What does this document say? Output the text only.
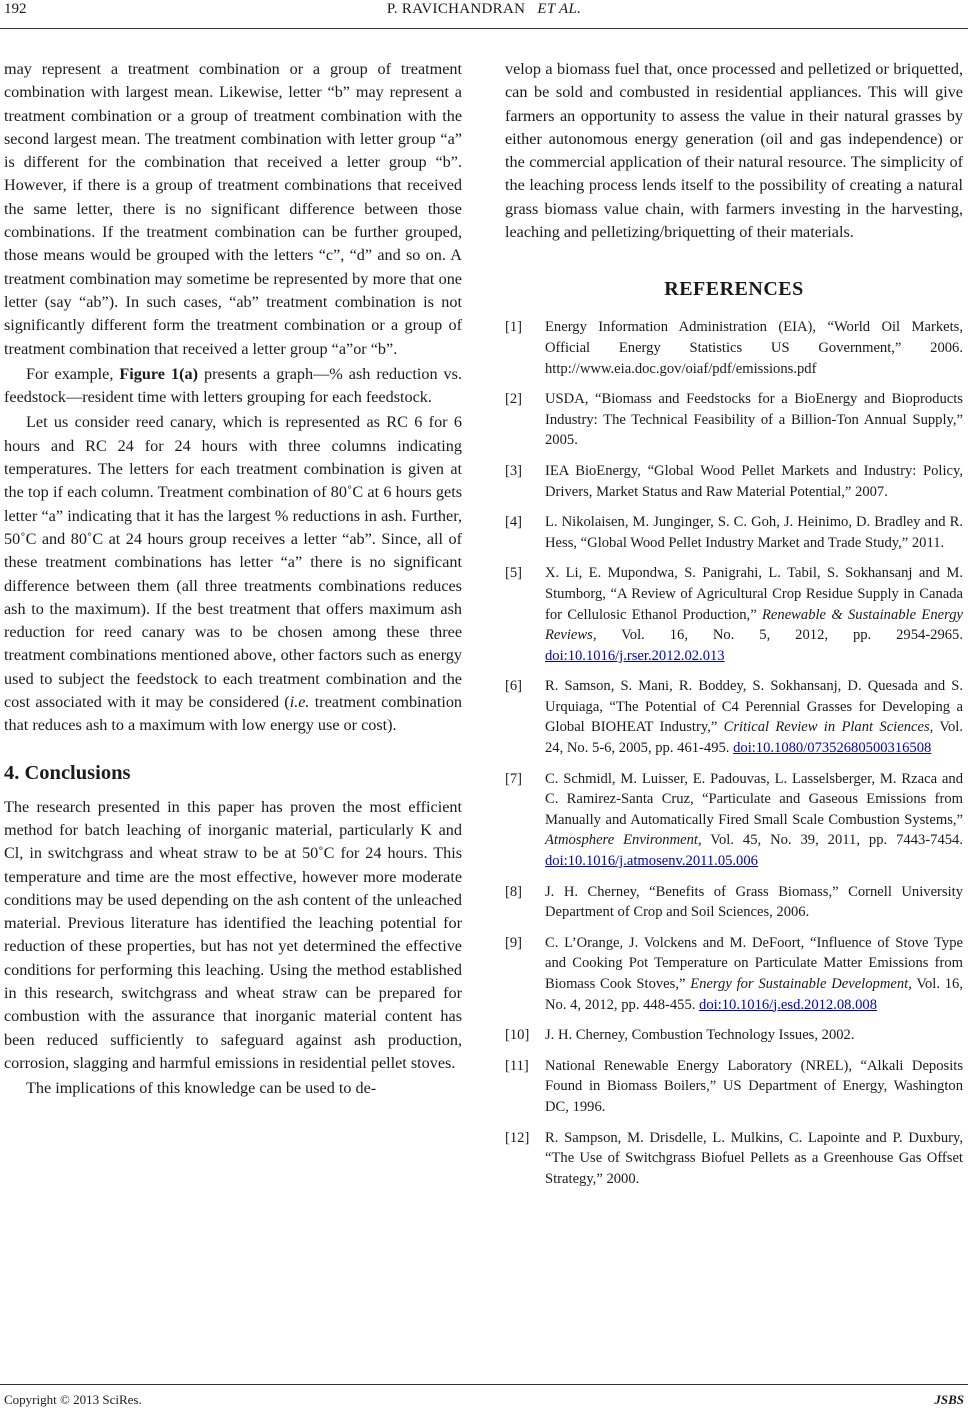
192	P. RAVICHANDRAN ET AL.

may represent a treatment combination or a group of treatment combination with largest mean. Likewise, letter “b” may represent a treatment combination or a group of treatment combination with the second largest mean. The treatment combination with letter group “a” is different for the combination that received a letter group “b”. However, if there is a group of treatment combinations that received the same letter, there is no significant difference between those combinations. If the treatment combination can be further grouped, those means would be grouped with the letters “c”, “d” and so on. A treatment combination may sometime be represented by more that one letter (say “ab”). In such cases, “ab” treatment combination is not significantly different form the treatment combination or a group of treatment combination that received a letter group “a”or “b”.

For example, Figure 1(a) presents a graph—% ash reduction vs. feedstock—resident time with letters grouping for each feedstock.

Let us consider reed canary, which is represented as RC 6 for 6 hours and RC 24 for 24 hours with three columns indicating temperatures. The letters for each treatment combination is given at the top if each column. Treatment combination of 80˚C at 6 hours gets letter “a” indicating that it has the largest % reductions in ash. Further, 50˚C and 80˚C at 24 hours group receives a letter “ab”. Since, all of these treatment combinations has letter “a” there is no significant difference between them (all three treatments combinations reduces ash to the maximum). If the best treatment that offers maximum ash reduction for reed canary was to be chosen among these three treatment combinations mentioned above, other factors such as energy used to subject the feedstock to each treatment combination and the cost associated with it may be considered (i.e. treatment combination that reduces ash to a maximum with low energy use or cost).

4. Conclusions

The research presented in this paper has proven the most efficient method for batch leaching of inorganic material, particularly K and Cl, in switchgrass and wheat straw to be at 50˚C for 24 hours. This temperature and time are the most effective, however more moderate conditions may be used depending on the ash content of the unleached material. Previous literature has identified the leaching potential for reduction of these properties, but has not yet determined the effective conditions for performing this leaching. Using the method established in this research, switchgrass and wheat straw can be prepared for combustion with the assurance that inorganic material content has been reduced sufficiently to safeguard against ash production, corrosion, slagging and harmful emissions in residential pellet stoves.

The implications of this knowledge can be used to de-

velop a biomass fuel that, once processed and pelletized or briquetted, can be sold and combusted in residential appliances. This will give farmers an opportunity to assess the value in their natural grasses by either autonomous energy generation (oil and gas independence) or the commercial application of their natural resource. The simplicity of the leaching process lends itself to the possibility of creating a natural grass biomass value chain, with farmers investing in the harvesting, leaching and pelletizing/briquetting of their materials.

REFERENCES
[1]	Energy Information Administration (EIA), “World Oil Markets, Official Energy Statistics US Government,” 2006. http://www.eia.doc.gov/oiaf/pdf/emissions.pdf
[2]	USDA, “Biomass and Feedstocks for a BioEnergy and Bioproducts Industry: The Technical Feasibility of a Billion-Ton Annual Supply,” 2005.
[3]	IEA BioEnergy, “Global Wood Pellet Markets and Industry: Policy, Drivers, Market Status and Raw Material Potential,” 2007.
[4]	L. Nikolaisen, M. Junginger, S. C. Goh, J. Heinimo, D. Bradley and R. Hess, “Global Wood Pellet Industry Market and Trade Study,” 2011.
[5]	X. Li, E. Mupondwa, S. Panigrahi, L. Tabil, S. Sokhansanj and M. Stumborg, “A Review of Agricultural Crop Residue Supply in Canada for Cellulosic Ethanol Production,” Renewable & Sustainable Energy Reviews, Vol. 16, No. 5, 2012, pp. 2954-2965. doi:10.1016/j.rser.2012.02.013
[6]	R. Samson, S. Mani, R. Boddey, S. Sokhansanj, D. Quesada and S. Urquiaga, “The Potential of C4 Perennial Grasses for Developing a Global BIOHEAT Industry,” Critical Review in Plant Sciences, Vol. 24, No. 5-6, 2005, pp. 461-495. doi:10.1080/07352680500316508
[7]	C. Schmidl, M. Luisser, E. Padouvas, L. Lasselsberger, M. Rzaca and C. Ramirez-Santa Cruz, “Particulate and Gaseous Emissions from Manually and Automatically Fired Small Scale Combustion Systems,” Atmosphere Environment, Vol. 45, No. 39, 2011, pp. 7443-7454. doi:10.1016/j.atmosenv.2011.05.006
[8]	J. H. Cherney, “Benefits of Grass Biomass,” Cornell University Department of Crop and Soil Sciences, 2006.
[9]	C. L’Orange, J. Volckens and M. DeFoort, “Influence of Stove Type and Cooking Pot Temperature on Particulate Matter Emissions from Biomass Cook Stoves,” Energy for Sustainable Development, Vol. 16, No. 4, 2012, pp. 448-455. doi:10.1016/j.esd.2012.08.008
[10]	J. H. Cherney, Combustion Technology Issues, 2002.
[11]	National Renewable Energy Laboratory (NREL), “Alkali Deposits Found in Biomass Boilers,” US Department of Energy, Washington DC, 1996.
[12]	R. Sampson, M. Drisdelle, L. Mulkins, C. Lapointe and P. Duxbury, “The Use of Switchgrass Biofuel Pellets as a Greenhouse Gas Offset Strategy,” 2000.
Copyright © 2013 SciRes.	JSBS
